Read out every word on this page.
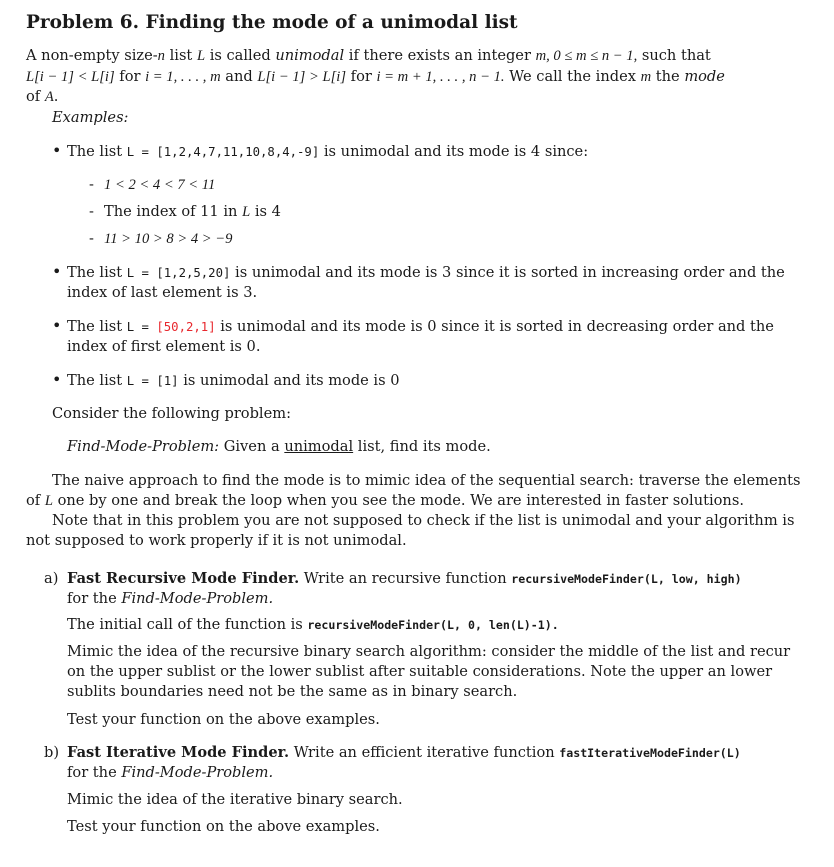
Problem 6. Finding the mode of a unimodal list
A non-empty size-n list L is called unimodal if there exists an integer m, 0 ≤ m ≤ n − 1, such that
L[i − 1] < L[i] for i = 1, . . . , m and L[i − 1] > L[i] for i = m + 1, . . . , n − 1. We call the index m the mode
of A.
Examples:
• The list L = [1,2,4,7,11,10,8,4,-9] is unimodal and its mode is 4 since:
- 1 < 2 < 4 < 7 < 11
- The index of 11 in L is 4
- 11 > 10 > 8 > 4 > −9
• The list L = [1,2,5,20] is unimodal and its mode is 3 since it is sorted in increasing order and the
index of last element is 3.
• The list L = [50,2,1] is unimodal and its mode is 0 since it is sorted in decreasing order and the
index of first element is 0.
• The list L = [1] is unimodal and its mode is 0
Consider the following problem:
Find-Mode-Problem: Given a unimodal list, find its mode.
The naive approach to find the mode is to mimic idea of the sequential search: traverse the elements
of L one by one and break the loop when you see the mode. We are interested in faster solutions.
Note that in this problem you are not supposed to check if the list is unimodal and your algorithm is
not supposed to work properly if it is not unimodal.
a) Fast Recursive Mode Finder. Write an recursive function recursiveModeFinder(L, low, high)
for the Find-Mode-Problem.
The initial call of the function is recursiveModeFinder(L, 0, len(L)-1).
Mimic the idea of the recursive binary search algorithm: consider the middle of the list and recur
on the upper sublist or the lower sublist after suitable considerations. Note the upper an lower
sublits boundaries need not be the same as in binary search.
Test your function on the above examples.
b) Fast Iterative Mode Finder. Write an efficient iterative function fastIterativeModeFinder(L)
for the Find-Mode-Problem.
Mimic the idea of the iterative binary search.
Test your function on the above examples.
